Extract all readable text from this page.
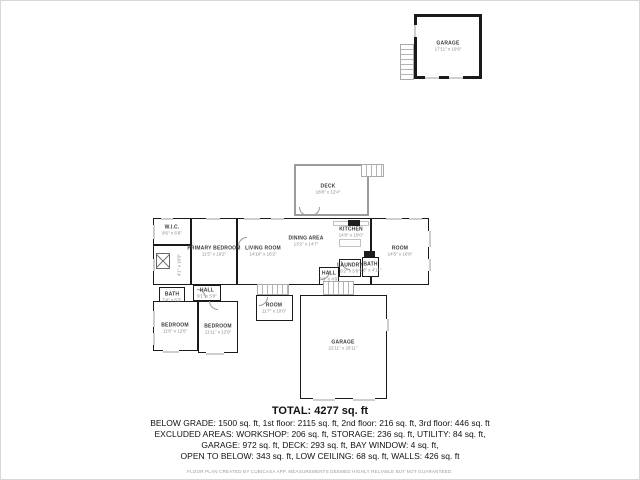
GARAGE
17'11" x 19'9"
DECK
18'8" x 12'4"
W.I.C.
8'6" x 6'6"
4'1" x 10'9"
PRIMARY BEDROOM
11'5" x 16'2"
LIVING ROOM
14'10" x 16'2"
DINING AREA
13'2" x 14'7"
KITCHEN
14'8" x 10'0"
ROOM
14'5" x 16'8"
LAUNDRY
6'2" x 5'8"
BATH
5'8" x 4'11"
HALL
7'6" x 4'9"
BATH
7'4" x 6'3"
HALL
9'1" x 5'8"
BEDROOM
11'6" x 12'6"
BEDROOM
11'11" x 12'9"
ROOM
11'7" x 10'0"
GARAGE
22'11" x 26'11"
TOTAL: 4277 sq. ft
BELOW GRADE: 1500 sq. ft, 1st floor: 2115 sq. ft, 2nd floor: 216 sq. ft, 3rd floor: 446 sq. ft
EXCLUDED AREAS: WORKSHOP: 206 sq. ft, STORAGE: 236 sq. ft, UTILITY: 84 sq. ft,
GARAGE: 972 sq. ft, DECK: 293 sq. ft, BAY WINDOW: 4 sq. ft,
OPEN TO BELOW: 343 sq. ft, LOW CEILING: 68 sq. ft, WALLS: 426 sq. ft
FLOOR PLAN CREATED BY CUBICASA APP. MEASUREMENTS DEEMED HIGHLY RELIABLE BUT NOT GUARANTEED.
